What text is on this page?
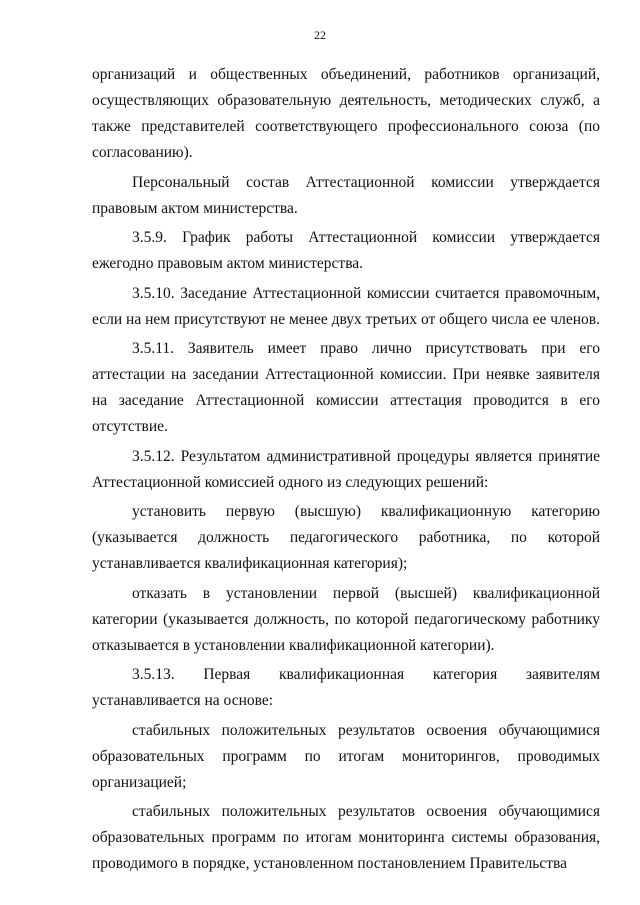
22

организаций и общественных объединений, работников организаций, осуществляющих образовательную деятельность, методических служб, а также представителей соответствующего профессионального союза (по согласованию).

Персональный состав Аттестационной комиссии утверждается правовым актом министерства.

3.5.9. График работы Аттестационной комиссии утверждается ежегодно правовым актом министерства.

3.5.10. Заседание Аттестационной комиссии считается правомочным, если на нем присутствуют не менее двух третьих от общего числа ее членов.

3.5.11. Заявитель имеет право лично присутствовать при его аттестации на заседании Аттестационной комиссии. При неявке заявителя на заседание Аттестационной комиссии аттестация проводится в его отсутствие.

3.5.12. Результатом административной процедуры является принятие Аттестационной комиссией одного из следующих решений:

установить первую (высшую) квалификационную категорию (указывается должность педагогического работника, по которой устанавливается квалификационная категория);

отказать в установлении первой (высшей) квалификационной категории (указывается должность, по которой педагогическому работнику отказывается в установлении квалификационной категории).

3.5.13. Первая квалификационная категория заявителям устанавливается на основе:

стабильных положительных результатов освоения обучающимися образовательных программ по итогам мониторингов, проводимых организацией;

стабильных положительных результатов освоения обучающимися образовательных программ по итогам мониторинга системы образования, проводимого в порядке, установленном постановлением Правительства
